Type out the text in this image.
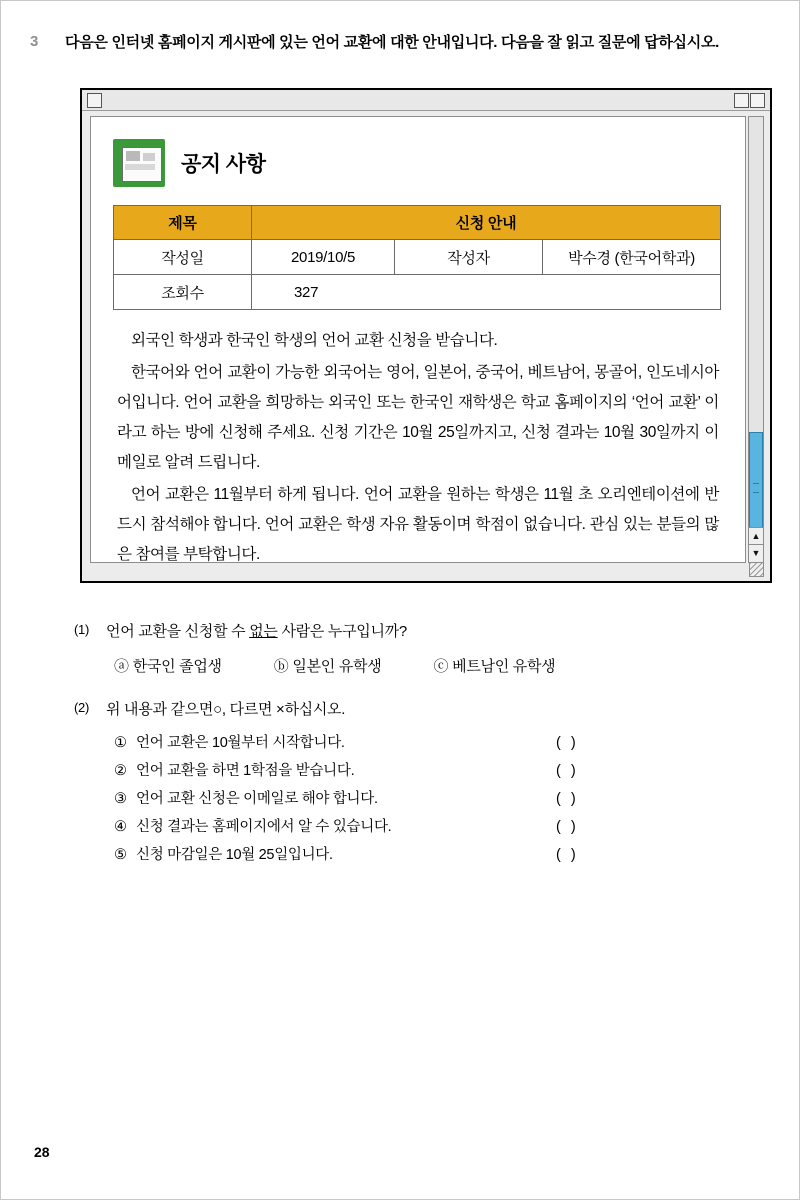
3	다음은 인터넷 홈페이지 게시판에 있는 언어 교환에 대한 안내입니다. 다음을 잘 읽고 질문에 답하십시오.
공지 사항
제목	신청 안내		
작성일	2019/10/5	작성자	박수경 (한국어학과)
조회수	327		

외국인 학생과 한국인 학생의 언어 교환 신청을 받습니다.

한국어와 언어 교환이 가능한 외국어는 영어, 일본어, 중국어, 베트남어, 몽골어, 인도네시아어입니다. 언어 교환을 희망하는 외국인 또는 한국인 재학생은 학교 홈페이지의 ‘언어 교환’ 이라고 하는 방에 신청해 주세요. 신청 기간은 10월 25일까지고, 신청 결과는 10월 30일까지 이메일로 알려 드립니다.

언어 교환은 11월부터 하게 됩니다. 언어 교환을 원하는 학생은 11월 초 오리엔테이션에 반드시 참석해야 합니다. 언어 교환은 학생 자유 활동이며 학점이 없습니다. 관심 있는 분들의 많은 참여를 부탁합니다.

▲
▼
(1)	언어 교환을 신청할 수 없는 사람은 누구입니까?
ⓐ 한국인 졸업생	ⓑ 일본인 유학생	ⓒ 베트남인 유학생
(2)	위 내용과 같으면○, 다르면 ×하십시오.
① 언어 교환은 10월부터 시작합니다.	( )
② 언어 교환을 하면 1학점을 받습니다.	( )
③ 언어 교환 신청은 이메일로 해야 합니다.	( )
④ 신청 결과는 홈페이지에서 알 수 있습니다.	( )
⑤ 신청 마감일은 10월 25일입니다.	( )
28
